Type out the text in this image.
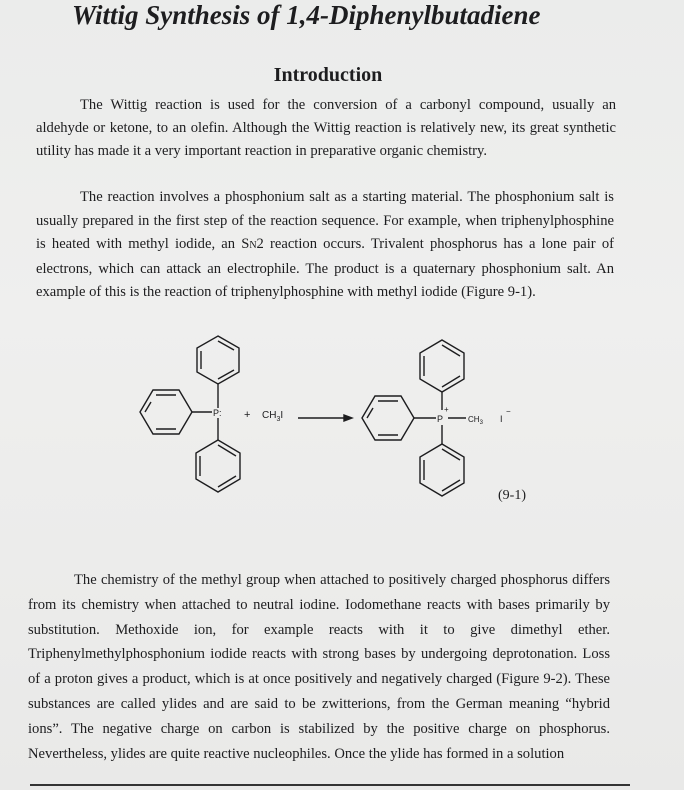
Wittig Synthesis of 1,4-Diphenylbutadiene
Introduction

The Wittig reaction is used for the conversion of a carbonyl compound, usually an aldehyde or ketone, to an olefin. Although the Wittig reaction is relatively new, its great synthetic utility has made it a very important reaction in preparative organic chemistry.

The reaction involves a phosphonium salt as a starting material. The phosphonium salt is usually prepared in the first step of the reaction sequence. For example, when triphenylphosphine is heated with methyl iodide, an SN2 reaction occurs. Trivalent phosphorus has a lone pair of electrons, which can attack an electrophile. The product is a quaternary phosphonium salt. An example of this is the reaction of triphenylphosphine with methyl iodide (Figure 9-1).

P: + $CH_3I$	P
+
$CH_3$ I
−

(9-1)

The chemistry of the methyl group when attached to positively charged phosphorus differs from its chemistry when attached to neutral iodine. Iodomethane reacts with bases primarily by substitution. Methoxide ion, for example reacts with it to give dimethyl ether. Triphenylmethylphosphonium iodide reacts with strong bases by undergoing deprotonation. Loss of a proton gives a product, which is at once positively and negatively charged (Figure 9-2). These substances are called ylides and are said to be zwitterions, from the German meaning “hybrid ions”. The negative charge on carbon is stabilized by the positive charge on phosphorus. Nevertheless, ylides are quite reactive nucleophiles. Once the ylide has formed in a solution
